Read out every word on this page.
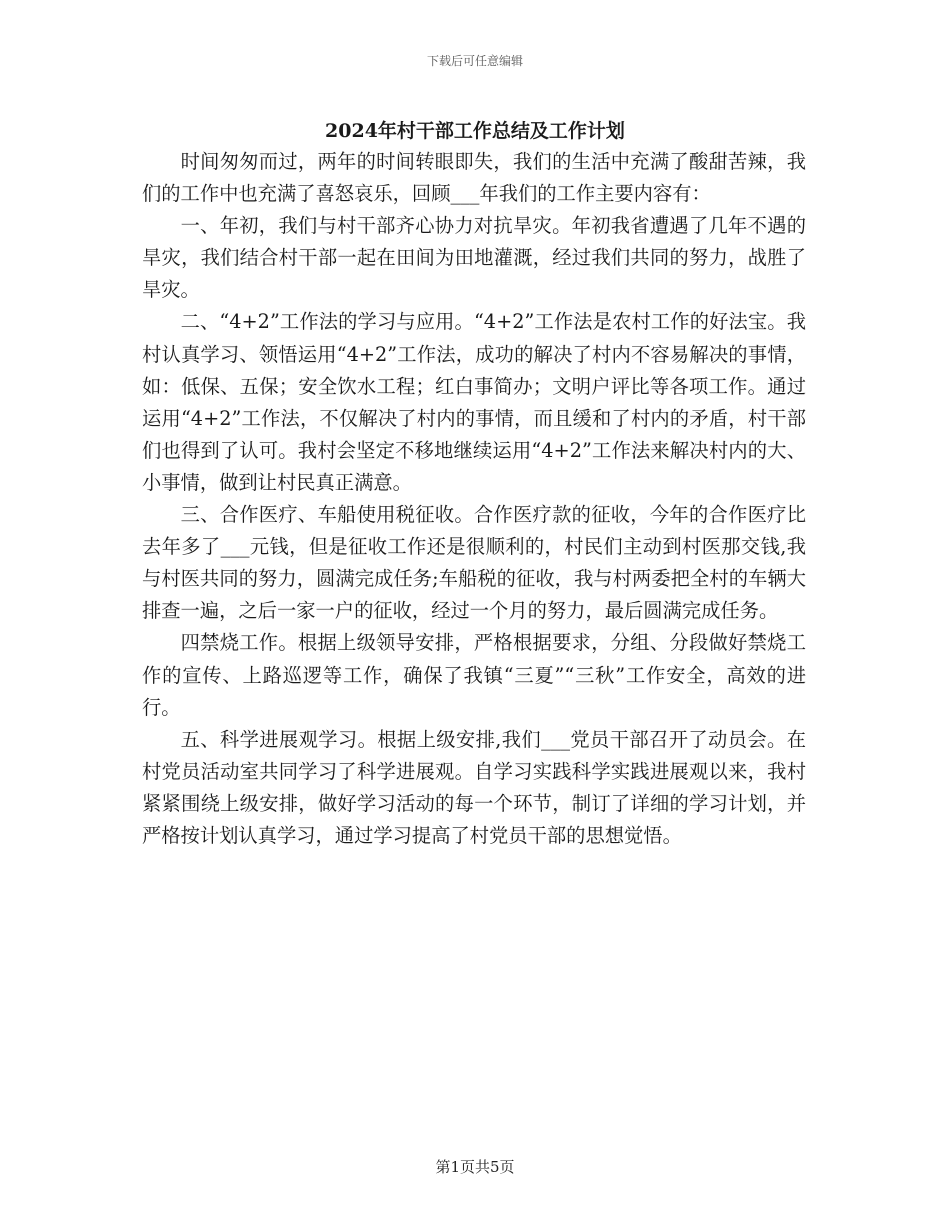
下载后可任意编辑
2024年村干部工作总结及工作计划

时间匆匆而过，两年的时间转眼即失，我们的生活中充满了酸甜苦辣，我们的工作中也充满了喜怒哀乐，回顾___年我们的工作主要内容有：

一、年初，我们与村干部齐心协力对抗旱灾。年初我省遭遇了几年不遇的旱灾，我们结合村干部一起在田间为田地灌溉，经过我们共同的努力，战胜了旱灾。

二、“4+2”工作法的学习与应用。“4+2”工作法是农村工作的好法宝。我村认真学习、领悟运用“4+2”工作法，成功的解决了村内不容易解决的事情，如：低保、五保；安全饮水工程；红白事简办；文明户评比等各项工作。通过运用“4+2”工作法，不仅解决了村内的事情，而且缓和了村内的矛盾，村干部们也得到了认可。我村会坚定不移地继续运用“4+2”工作法来解决村内的大、小事情，做到让村民真正满意。

三、合作医疗、车船使用税征收。合作医疗款的征收，今年的合作医疗比去年多了___元钱，但是征收工作还是很顺利的，村民们主动到村医那交钱,我与村医共同的努力，圆满完成任务;车船税的征收，我与村两委把全村的车辆大排查一遍，之后一家一户的征收，经过一个月的努力，最后圆满完成任务。

四禁烧工作。根据上级领导安排，严格根据要求，分组、分段做好禁烧工作的宣传、上路巡逻等工作，确保了我镇“三夏”“三秋”工作安全，高效的进行。

五、科学进展观学习。根据上级安排,我们___党员干部召开了动员会。在村党员活动室共同学习了科学进展观。自学习实践科学实践进展观以来，我村紧紧围绕上级安排，做好学习活动的每一个环节，制订了详细的学习计划，并严格按计划认真学习，通过学习提高了村党员干部的思想觉悟。

第1页共5页
